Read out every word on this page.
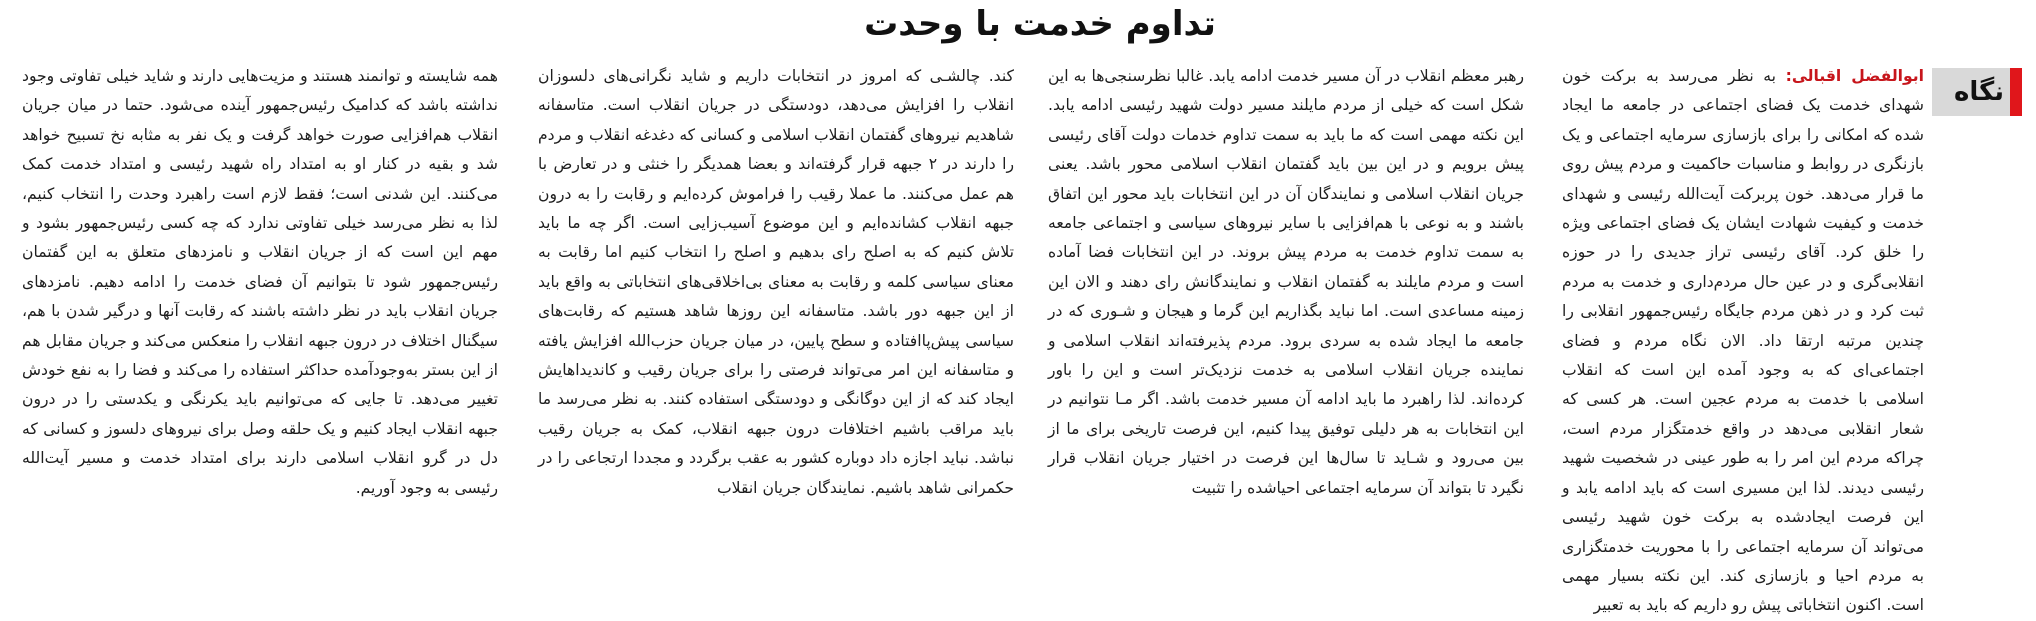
تداوم خدمت با وحدت
نگاه
ابوالفضل اقبالی: به نظر می‌رسد به برکت خون شهدای خدمت یک فضای اجتماعی در جامعه ما ایجاد شده که امکانی را برای بازسازی سرمایه اجتماعی و یک بازنگری در روابط و مناسبات حاکمیت و مردم پیش روی ما قرار می‌دهد. خون پربرکت آیت‌الله رئیسی و شهدای خدمت و کیفیت شهادت ایشان یک فضای اجتماعی ویژه را خلق کرد. آقای رئیسی تراز جدیدی را در حوزه انقلابی‌گری و در عین حال مردم‌داری و خدمت به مردم ثبت کرد و در ذهن مردم جایگاه رئیس‌جمهور انقلابی را چندین مرتبه ارتقا داد. الان نگاه مردم و فضای اجتماعی‌ای که به وجود آمده این است که انقلاب اسلامی با خدمت به مردم عجین است. هر کسی که شعار انقلابی می‌دهد در واقع خدمتگزار مردم است، چراکه مردم این امر را به طور عینی در شخصیت شهید رئیسی دیدند. لذا این مسیری است که باید ادامه یابد و این فرصت ایجادشده به برکت خون شهید رئیسی می‌تواند آن سرمایه اجتماعی را با محوریت خدمتگزاری به مردم احیا و بازسازی کند. این نکته بسیار مهمی است. اکنون انتخاباتی پیش رو داریم که باید به تعبیر
رهبر معظم انقلاب در آن مسیر خدمت ادامه یابد. غالبا نظرسنجی‌ها به این شکل است که خیلی از مردم مایلند مسیر دولت شهید رئیسی ادامه یابد. این نکته مهمی است که ما باید به سمت تداوم خدمات دولت آقای رئیسی پیش برویم و در این بین باید گفتمان انقلاب اسلامی محور باشد. یعنی جریان انقلاب اسلامی و نمایندگان آن در این انتخابات باید محور این اتفاق باشند و به نوعی با هم‌افزایی با سایر نیروهای سیاسی و اجتماعی جامعه به سمت تداوم خدمت به مردم پیش بروند. در این انتخابات فضا آماده است و مردم مایلند به گفتمان انقلاب و نمایندگانش رای دهند و الان این زمینه مساعدی است. اما نباید بگذاریم این گرما و هیجان و شـوری که در جامعه ما ایجاد شده به سردی برود. مردم پذیرفته‌اند انقلاب اسلامی و نماینده جریان انقلاب اسلامی به خدمت نزدیک‌تر است و این را باور کرده‌اند. لذا راهبرد ما باید ادامه آن مسیر خدمت باشد. اگر مـا نتوانیم در این انتخابات به هر دلیلی توفیق پیدا کنیم، این فرصت تاریخی برای ما از بین می‌رود و شـاید تا سال‌ها این فرصت در اختیار جریان انقلاب قرار نگیرد تا بتواند آن سرمایه اجتماعی احیاشده را تثبیت
کند. چالشـی که امروز در انتخابات داریم و شاید نگرانی‌های دلسوزان انقلاب را افزایش می‌دهد، دودستگی در جریان انقلاب است. متاسفانه شاهدیم نیروهای گفتمان انقلاب اسلامی و کسانی که دغدغه انقلاب و مردم را دارند در ۲ جبهه قرار گرفته‌اند و بعضا همدیگر را خنثی و در تعارض با هم عمل می‌کنند. ما عملا رقیب را فراموش کرده‌ایم و رقابت را به درون جبهه انقلاب کشانده‌ایم و این موضوع آسیب‌زایی است. اگر چه ما باید تلاش کنیم که به اصلح رای بدهیم و اصلح را انتخاب کنیم اما رقابت به معنای سیاسی کلمه و رقابت به معنای بی‌اخلاقی‌های انتخاباتی به واقع باید از این جبهه دور باشد. متاسفانه این روزها شاهد هستیم که رقابت‌های سیاسی پیش‌پاافتاده و سطح پایین، در میان جریان حزب‌الله افزایش یافته و متاسفانه این امر می‌تواند فرصتی را برای جریان رقیب و کاندیداهایش ایجاد کند که از این دوگانگی و دودستگی استفاده کنند. به نظر می‌رسد ما باید مراقب باشیم اختلافات درون جبهه انقلاب، کمک به جریان رقیب نباشد. نباید اجازه داد دوباره کشور به عقب برگردد و مجددا ارتجاعی را در حکمرانی شاهد باشیم. نمایندگان جریان انقلاب
همه شایسته و توانمند هستند و مزیت‌هایی دارند و شاید خیلی تفاوتی وجود نداشته باشد که کدامیک رئیس‌جمهور آینده می‌شود. حتما در میان جریان انقلاب هم‌افزایی صورت خواهد گرفت و یک نفر به مثابه نخ تسبیح خواهد شد و بقیه در کنار او به امتداد راه شهید رئیسی و امتداد خدمت کمک می‌کنند. این شدنی است؛ فقط لازم است راهبرد وحدت را انتخاب کنیم، لذا به نظر می‌رسد خیلی تفاوتی ندارد که چه کسی رئیس‌جمهور بشود و مهم این است که از جریان انقلاب و نامزدهای متعلق به این گفتمان رئیس‌جمهور شود تا بتوانیم آن فضای خدمت را ادامه دهیم. نامزدهای جریان انقلاب باید در نظر داشته باشند که رقابت آنها و درگیر شدن با هم، سیگنال اختلاف در درون جبهه انقلاب را منعکس می‌کند و جریان مقابل هم از این بستر به‌وجودآمده حداکثر استفاده را می‌کند و فضا را به نفع خودش تغییر می‌دهد. تا جایی که می‌توانیم باید یکرنگی و یکدستی را در درون جبهه انقلاب ایجاد کنیم و یک حلقه وصل برای نیروهای دلسوز و کسانی که دل در گرو انقلاب اسلامی دارند برای امتداد خدمت و مسیر آیت‌الله رئیسی به وجود آوریم.
